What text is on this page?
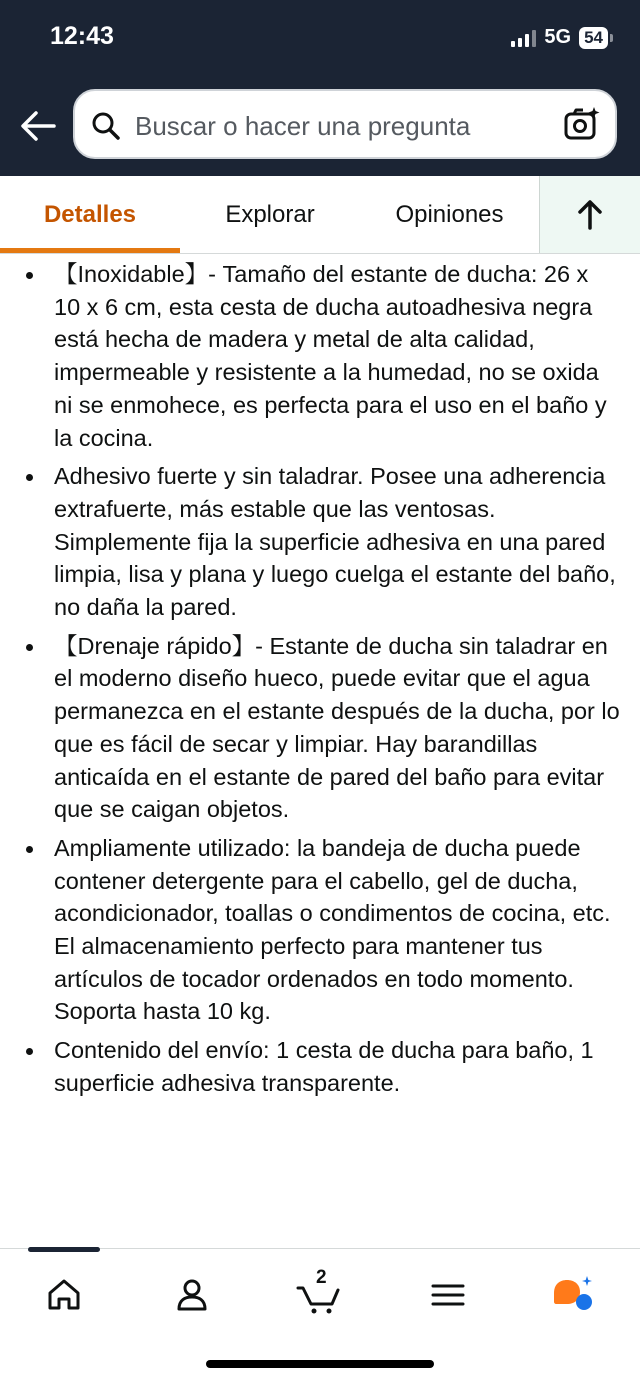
12:43	5G 54
Buscar o hacer una pregunta
Detalles	Explorar	Opiniones
【Inoxidable】- Tamaño del estante de ducha: 26 x 10 x 6 cm, esta cesta de ducha autoadhesiva negra está hecha de madera y metal de alta calidad, impermeable y resistente a la humedad, no se oxida ni se enmohece, es perfecta para el uso en el baño y la cocina.
Adhesivo fuerte y sin taladrar. Posee una adherencia extrafuerte, más estable que las ventosas. Simplemente fija la superficie adhesiva en una pared limpia, lisa y plana y luego cuelga el estante del baño, no daña la pared.
【Drenaje rápido】- Estante de ducha sin taladrar en el moderno diseño hueco, puede evitar que el agua permanezca en el estante después de la ducha, por lo que es fácil de secar y limpiar. Hay barandillas anticaída en el estante de pared del baño para evitar que se caigan objetos.
Ampliamente utilizado: la bandeja de ducha puede contener detergente para el cabello, gel de ducha, acondicionador, toallas o condimentos de cocina, etc. El almacenamiento perfecto para mantener tus artículos de tocador ordenados en todo momento. Soporta hasta 10 kg.
Contenido del envío: 1 cesta de ducha para baño, 1 superficie adhesiva transparente.
2
